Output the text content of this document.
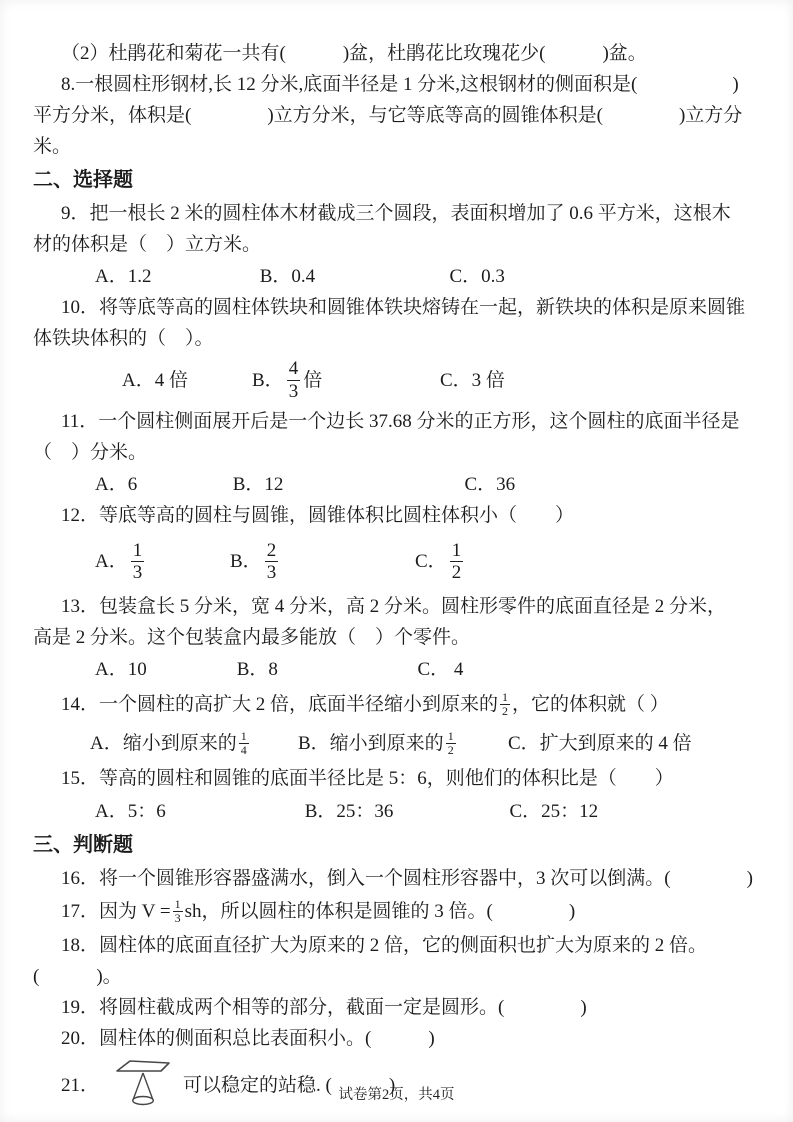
（2）杜鹃花和菊花一共有(　　　)盆，杜鹃花比玫瑰花少(　　　)盆。
8.一根圆柱形钢材,长 12 分米,底面半径是 1 分米,这根钢材的侧面积是(　　　　　)
平方分米，体积是(　　　　)立方分米，与它等底等高的圆锥体积是(　　　　)立方分
米。
二、选择题
9．把一根长 2 米的圆柱体木材截成三个圆段，表面积增加了 0.6 平方米，这根木
材的体积是（　）立方米。
A．1.2	B．0.4	C．0.3
10．将等底等高的圆柱体铁块和圆锥体铁块熔铸在一起，新铁块的体积是原来圆锥
体铁块体积的（　）。
A．4 倍	B． $\frac{4}{3}$ 倍	C．3 倍
11．一个圆柱侧面展开后是一个边长 37.68 分米的正方形，这个圆柱的底面半径是
（　）分米。
A．6	B．12	C．36
12．等底等高的圆柱与圆锥，圆锥体积比圆柱体积小（　　）
A． $\frac{1}{3}$	B． $\frac{2}{3}$	C． $\frac{1}{2}$
13．包装盒长 5 分米，宽 4 分米，高 2 分米。圆柱形零件的底面直径是 2 分米，
高是 2 分米。这个包装盒内最多能放（　）个零件。
A．10	B．8	C． 4
14．一个圆柱的高扩大 2 倍，底面半径缩小到原来的 $\frac{1}{2}$ ，它的体积就（ ）
A．缩小到原来的 $\frac{1}{4}$	B．缩小到原来的 $\frac{1}{2}$	C．扩大到原来的 4 倍
15．等高的圆柱和圆锥的底面半径比是 5：6，则他们的体积比是（　　）
A．5：6	B．25：36	C．25：12
三、判断题
16．将一个圆锥形容器盛满水，倒入一个圆柱形容器中，3 次可以倒满。(　　　　)
17．因为 $V = \frac{1}{3}$ sh，所以圆柱的体积是圆锥的 3 倍。(　　　　)
18．圆柱体的底面直径扩大为原来的 2 倍，它的侧面积也扩大为原来的 2 倍。
(　　　)。
19．将圆柱截成两个相等的部分，截面一定是圆形。(　　　　)
20．圆柱体的侧面积总比表面积小。(　　　)
21．	可以稳定的站稳. (　　　)
试卷第2页，共4页
